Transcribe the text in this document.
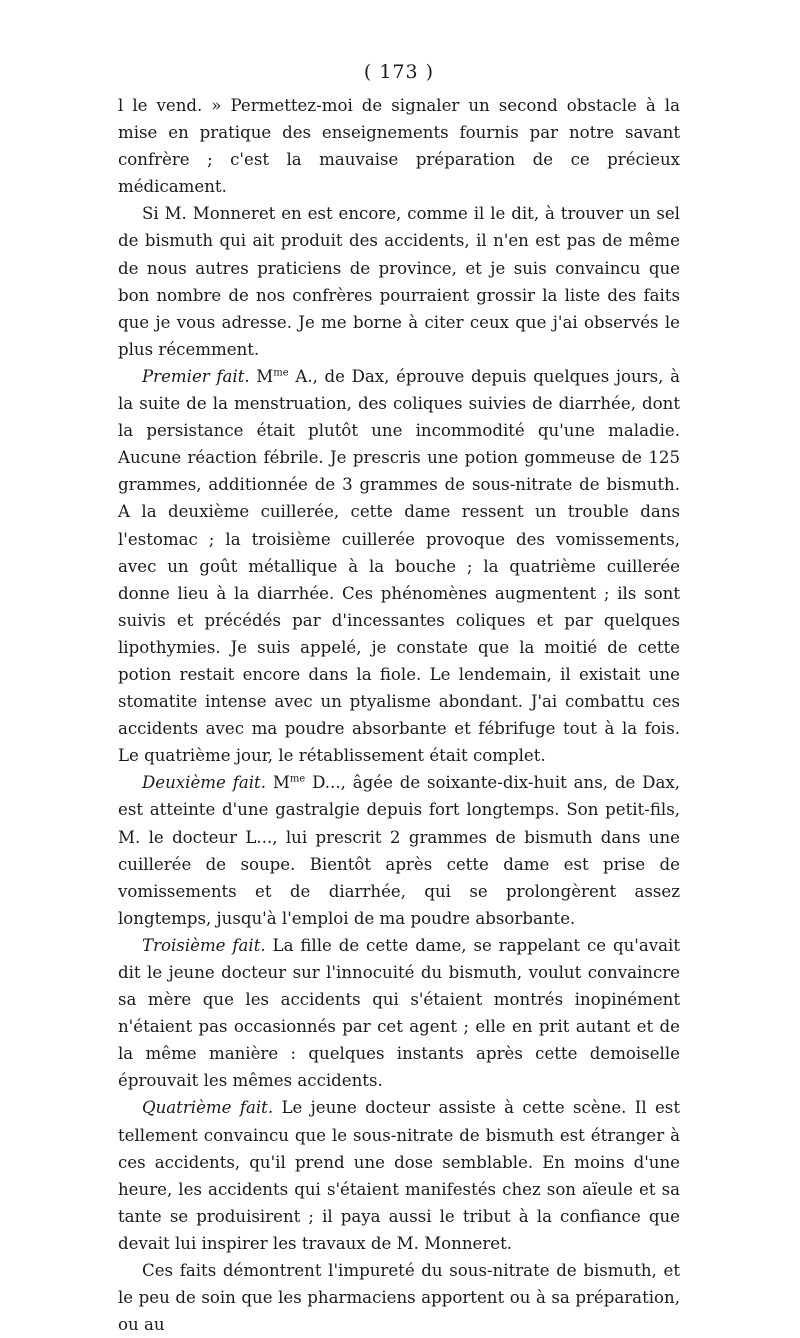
( 173 )

l le vend. » Permettez-moi de signaler un second obstacle à la mise en pratique des enseignements fournis par notre savant confrère ; c'est la mauvaise préparation de ce précieux médicament.

Si M. Monneret en est encore, comme il le dit, à trouver un sel de bismuth qui ait produit des accidents, il n'en est pas de même de nous autres praticiens de province, et je suis convaincu que bon nombre de nos confrères pourraient grossir la liste des faits que je vous adresse. Je me borne à citer ceux que j'ai observés le plus récemment.

Premier fait. $M^{me}$ A., de Dax, éprouve depuis quelques jours, à la suite de la menstruation, des coliques suivies de diarrhée, dont la persistance était plutôt une incommodité qu'une maladie. Aucune réaction fébrile. Je prescris une potion gommeuse de 125 grammes, additionnée de 3 grammes de sous-nitrate de bismuth. A la deuxième cuillerée, cette dame ressent un trouble dans l'estomac ; la troisième cuillerée provoque des vomissements, avec un goût métallique à la bouche ; la quatrième cuillerée donne lieu à la diarrhée. Ces phénomènes augmentent ; ils sont suivis et précédés par d'incessantes coliques et par quelques lipothymies. Je suis appelé, je constate que la moitié de cette potion restait encore dans la fiole. Le lendemain, il existait une stomatite intense avec un ptyalisme abondant. J'ai combattu ces accidents avec ma poudre absorbante et fébrifuge tout à la fois. Le quatrième jour, le rétablissement était complet.

Deuxième fait. $M^{me}$ D..., âgée de soixante-dix-huit ans, de Dax, est atteinte d'une gastralgie depuis fort longtemps. Son petit-fils, M. le docteur L..., lui prescrit 2 grammes de bismuth dans une cuillerée de soupe. Bientôt après cette dame est prise de vomissements et de diarrhée, qui se prolongèrent assez longtemps, jusqu'à l'emploi de ma poudre absorbante.

Troisième fait. La fille de cette dame, se rappelant ce qu'avait dit le jeune docteur sur l'innocuité du bismuth, voulut convaincre sa mère que les accidents qui s'étaient montrés inopinément n'étaient pas occasionnés par cet agent ; elle en prit autant et de la même manière : quelques instants après cette demoiselle éprouvait les mêmes accidents.

Quatrième fait. Le jeune docteur assiste à cette scène. Il est tellement convaincu que le sous-nitrate de bismuth est étranger à ces accidents, qu'il prend une dose semblable. En moins d'une heure, les accidents qui s'étaient manifestés chez son aïeule et sa tante se produisirent ; il paya aussi le tribut à la confiance que devait lui inspirer les travaux de M. Monneret.

Ces faits démontrent l'impureté du sous-nitrate de bismuth, et le peu de soin que les pharmaciens apportent ou à sa préparation, ou au
